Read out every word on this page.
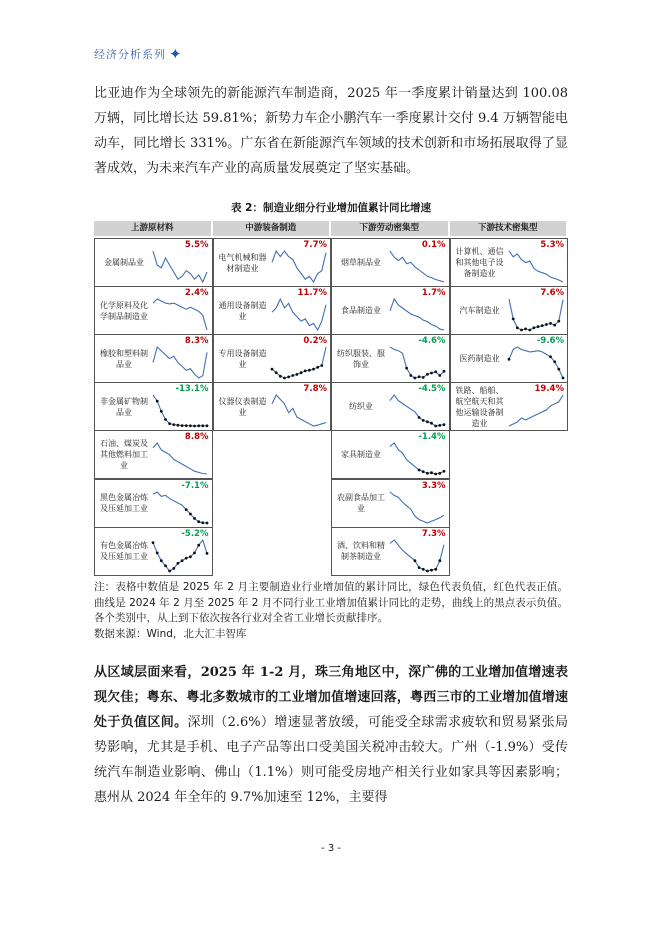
经济分析系列 ✦
比亚迪作为全球领先的新能源汽车制造商，2025 年一季度累计销量达到 100.08 万辆，同比增长达 59.81%；新势力车企小鹏汽车一季度累计交付 9.4 万辆智能电动车，同比增长 331%。广东省在新能源汽车领域的技术创新和市场拓展取得了显著成效，为未来汽车产业的高质量发展奠定了坚实基础。
表 2：制造业细分行业增加值累计同比增速
上游原材料
金属制品业
5.5%
化学原料及化学制品制造业
2.4%
橡胶和塑料制品业
8.3%
非金属矿物制品业
-13.1%
石油、煤炭及其他燃料加工业
8.8%
黑色金属冶炼及压延加工业
-7.1%
有色金属冶炼及压延加工业
-5.2%
中游装备制造
电气机械和器材制造业
7.7%
通用设备制造业
11.7%
专用设备制造业
0.2%
仪器仪表制造业
7.8%
下游劳动密集型
烟草制品业
0.1%
食品制造业
1.7%
纺织服装、服饰业
-4.6%
纺织业
-4.5%
家具制造业
-1.4%
农副食品加工业
3.3%
酒、饮料和精制茶制造业
7.3%
下游技术密集型
计算机、通信和其他电子设备制造业
5.3%
汽车制造业
7.6%
医药制造业
-9.6%
铁路、船舶、航空航天和其他运输设备制造业
19.4%
注：表格中数值是 2025 年 2 月主要制造业行业增加值的累计同比，绿色代表负值，红色代表正值。曲线是 2024 年 2 月至 2025 年 2 月不同行业工业增加值累计同比的走势，曲线上的黑点表示负值。各个类别中，从上到下依次按各行业对全省工业增长贡献排序。
数据来源：Wind，北大汇丰智库
从区域层面来看，2025 年 1-2 月，珠三角地区中，深广佛的工业增加值增速表现欠佳；粤东、粤北多数城市的工业增加值增速回落，粤西三市的工业增加值增速处于负值区间。深圳（2.6%）增速显著放缓，可能受全球需求疲软和贸易紧张局势影响，尤其是手机、电子产品等出口受美国关税冲击较大。广州（-1.9%）受传统汽车制造业影响、佛山（1.1%）则可能受房地产相关行业如家具等因素影响；惠州从 2024 年全年的 9.7%加速至 12%，主要得
- 3 -
